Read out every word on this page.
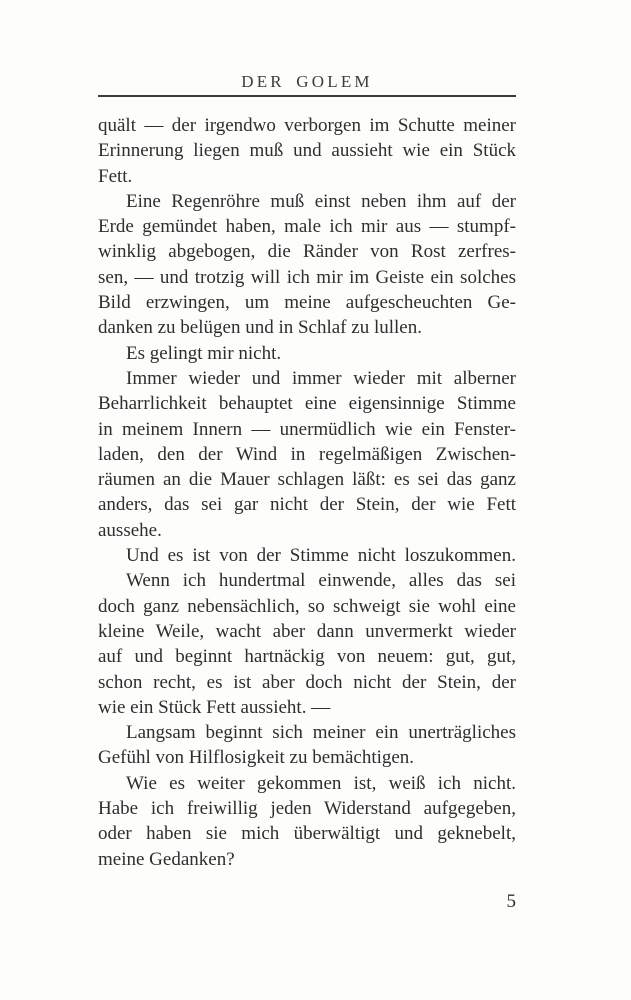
DER GOLEM
quält — der irgendwo verborgen im Schutte meiner
Erinnerung liegen muß und aussieht wie ein Stück
Fett.
Eine Regenröhre muß einst neben ihm auf der
Erde gemündet haben, male ich mir aus — stumpf-
winklig abgebogen, die Ränder von Rost zerfres-
sen, — und trotzig will ich mir im Geiste ein solches
Bild erzwingen, um meine aufgescheuchten Ge-
danken zu belügen und in Schlaf zu lullen.
Es gelingt mir nicht.
Immer wieder und immer wieder mit alberner
Beharrlichkeit behauptet eine eigensinnige Stimme
in meinem Innern — unermüdlich wie ein Fenster-
laden, den der Wind in regelmäßigen Zwischen-
räumen an die Mauer schlagen läßt: es sei das ganz
anders, das sei gar nicht der Stein, der wie Fett
aussehe.
Und es ist von der Stimme nicht loszukommen.
Wenn ich hundertmal einwende, alles das sei
doch ganz nebensächlich, so schweigt sie wohl eine
kleine Weile, wacht aber dann unvermerkt wieder
auf und beginnt hartnäckig von neuem: gut, gut,
schon recht, es ist aber doch nicht der Stein, der
wie ein Stück Fett aussieht. —
Langsam beginnt sich meiner ein unerträgliches
Gefühl von Hilflosigkeit zu bemächtigen.
Wie es weiter gekommen ist, weiß ich nicht.
Habe ich freiwillig jeden Widerstand aufgegeben,
oder haben sie mich überwältigt und geknebelt,
meine Gedanken?
5
